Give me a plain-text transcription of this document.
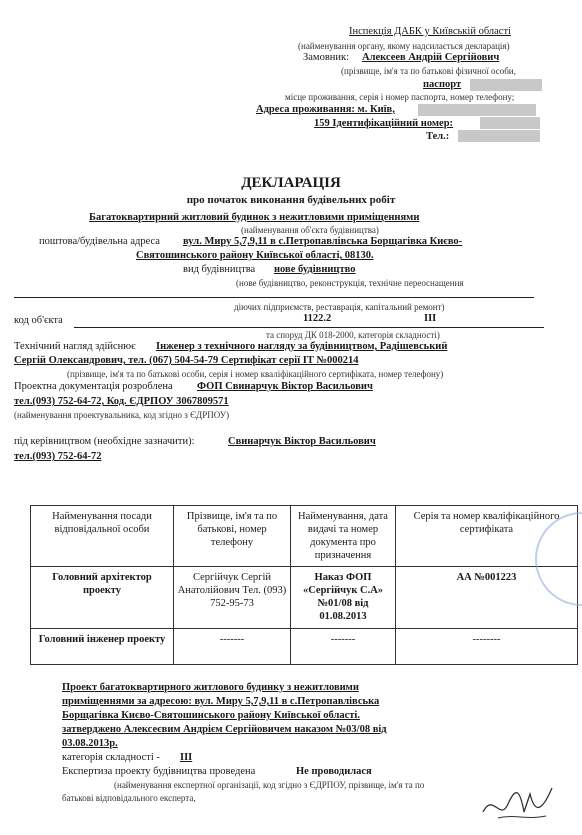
Інспекція ДАБК у Київській області
(найменування органу, якому надсилається декларація)
Замовник: Алексеев Андрій Сергійович
(прізвище, ім'я та по батькові фізичної особи,
паспорт
місце проживання, серія і номер паспорта, номер телефону;
Адреса проживання: м. Київ,
159 Ідентифікаційний номер:
Тел.:
ДЕКЛАРАЦІЯ
про початок виконання будівельних робіт
Багатоквартирний житловий будинок з нежитловими приміщеннями
(найменування об'єкта будівництва)
поштова/будівельна адреса вул. Миру 5,7,9,11 в с.Петропавлівська Борщагівка Києво-
Святошинського району Київської області, 08130.
вид будівництва нове будівництво
(нове будівництво, реконструкція, технічне переоснащення
діючих підприємств, реставрація, капітальний ремонт)
код об'єкта	1122.2	ІІІ
та споруд ДК 018-2000, категорія складності)
Технічний нагляд здійснює Інженер з технічного нагляду за будівництвом, Радішевський
Сергій Олександрович, тел. (067) 504-54-79 Сертифікат серії ІТ №000214
(прізвище, ім'я та по батькові особи, серія і номер кваліфікаційного сертифіката, номер телефону)
Проектна документація розроблена ФОП Свинарчук Віктор Васильович
тел.(093) 752-64-72, Код. ЄДРПОУ 3067809571
(найменування проектувальника, код згідно з ЄДРПОУ)
під керівництвом (необхідне зазначити):	Свинарчук Віктор Васильович
тел.(093) 752-64-72
Найменування посади відповідальної особи	Прізвище, ім'я та по батькові, номер телефону	Найменування, дата видачі та номер документа про призначення	Серія та номер кваліфікаційного сертифіката
Головний архітектор проекту	Сергійчук Сергій Анатолійович Тел. (093) 752-95-73	Наказ ФОП «Сергійчук С.А» №01/08 від 01.08.2013	АА №001223
Головний інженер проекту	-------	-------	--------
Проект багатоквартирного житлового будинку з нежитловими
приміщеннями за адресою: вул. Миру 5,7,9,11 в с.Петропавлівська
Борщагівка Києво-Святошинського району Київської області.
затверджено Алексеєвим Андрієм Сергійовичем наказом №03/08 від
03.08.2013р.
категорія складності - ІІІ
Експертиза проекту будівництва проведена	Не проводилася
(найменування експертної організації, код згідно з ЄДРПОУ, прізвище, ім'я та по
батькові відповідального експерта,
